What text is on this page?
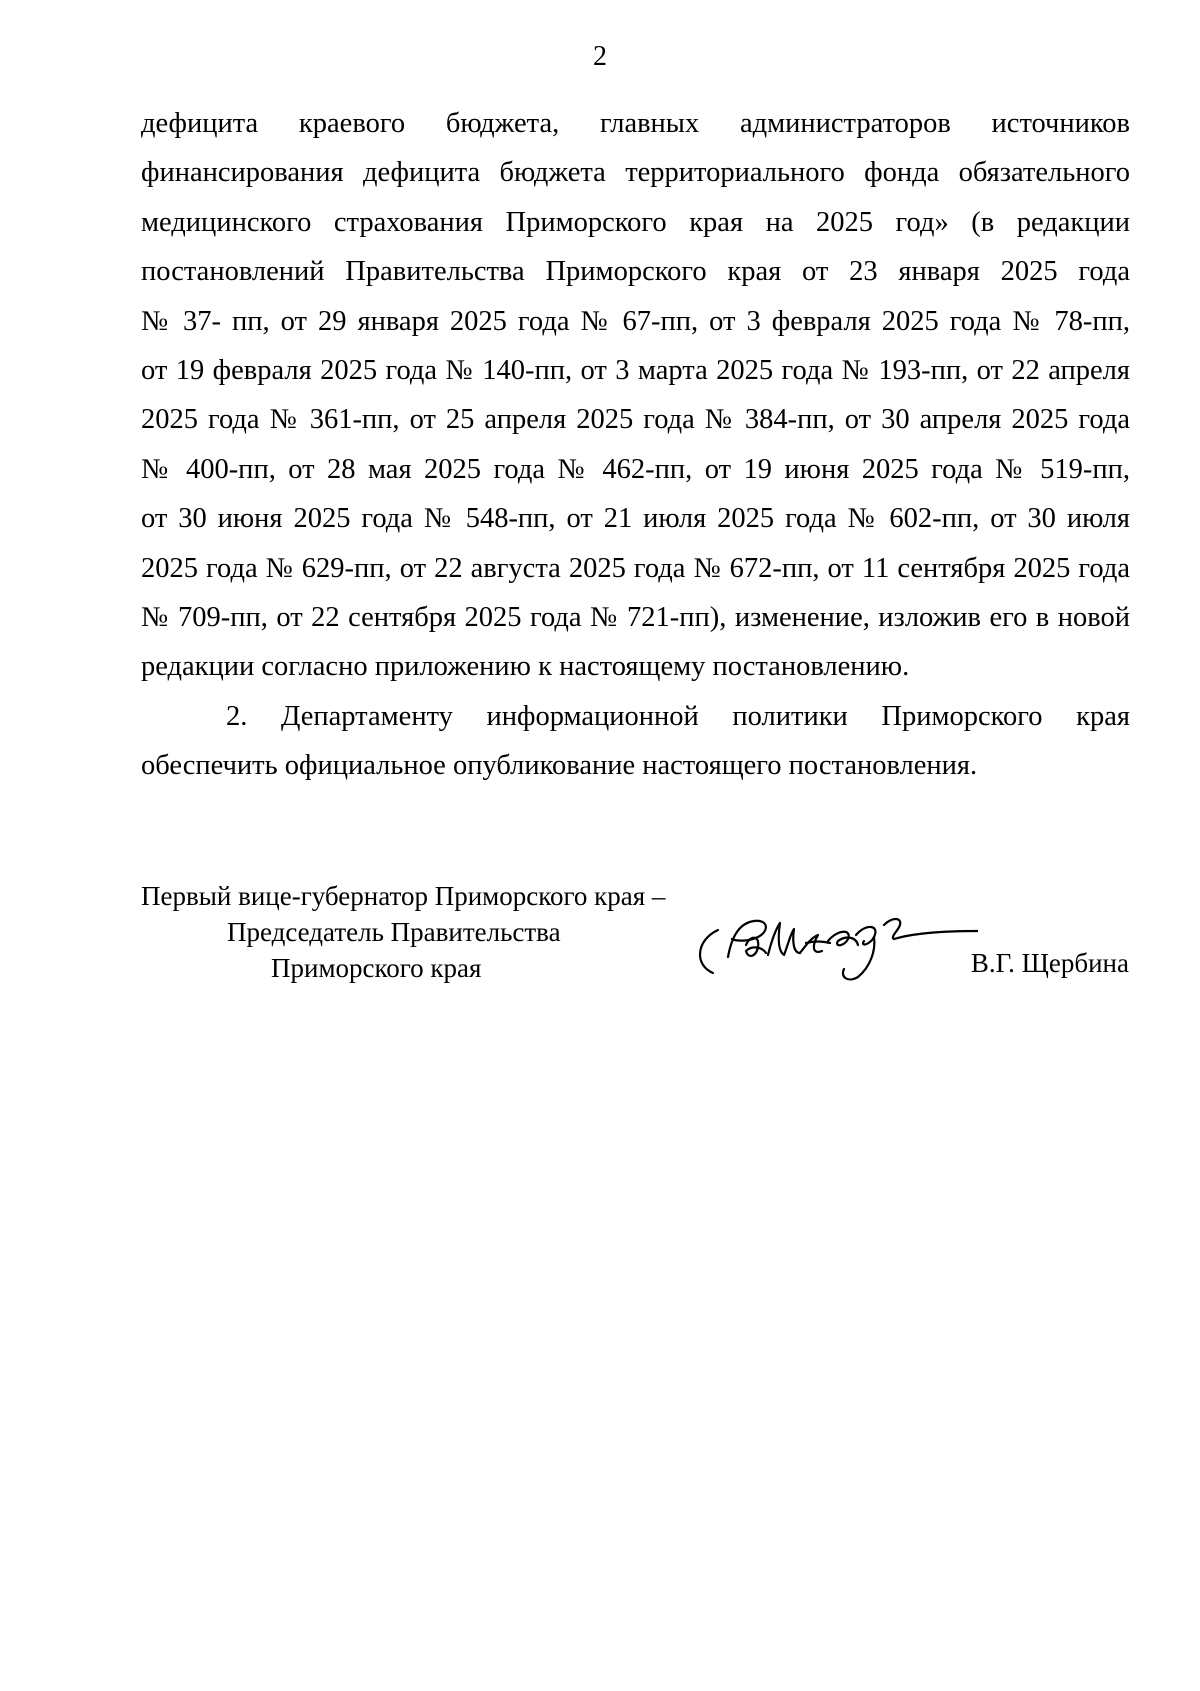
2
дефицита краевого бюджета, главных администраторов источников
финансирования дефицита бюджета территориального фонда обязательного
медицинского страхования Приморского края на 2025 год» (в редакции
постановлений Правительства Приморского края от 23 января 2025 года
№ 37- пп, от 29 января 2025 года № 67-пп, от 3 февраля 2025 года № 78-пп,
от 19 февраля 2025 года № 140-пп, от 3 марта 2025 года № 193-пп, от 22 апреля
2025 года № 361-пп, от 25 апреля 2025 года № 384-пп, от 30 апреля 2025 года
№ 400-пп, от 28 мая 2025 года № 462-пп, от 19 июня 2025 года № 519-пп,
от 30 июня 2025 года № 548-пп, от 21 июля 2025 года № 602-пп, от 30 июля
2025 года № 629-пп, от 22 августа 2025 года № 672-пп, от 11 сентября 2025 года
№ 709-пп, от 22 сентября 2025 года № 721-пп), изменение, изложив его в новой
редакции согласно приложению к настоящему постановлению.
2. Департаменту информационной политики Приморского края
обеспечить официальное опубликование настоящего постановления.
Первый вице-губернатор Приморского края –
Председатель Правительства
Приморского края	В.Г. Щербина
